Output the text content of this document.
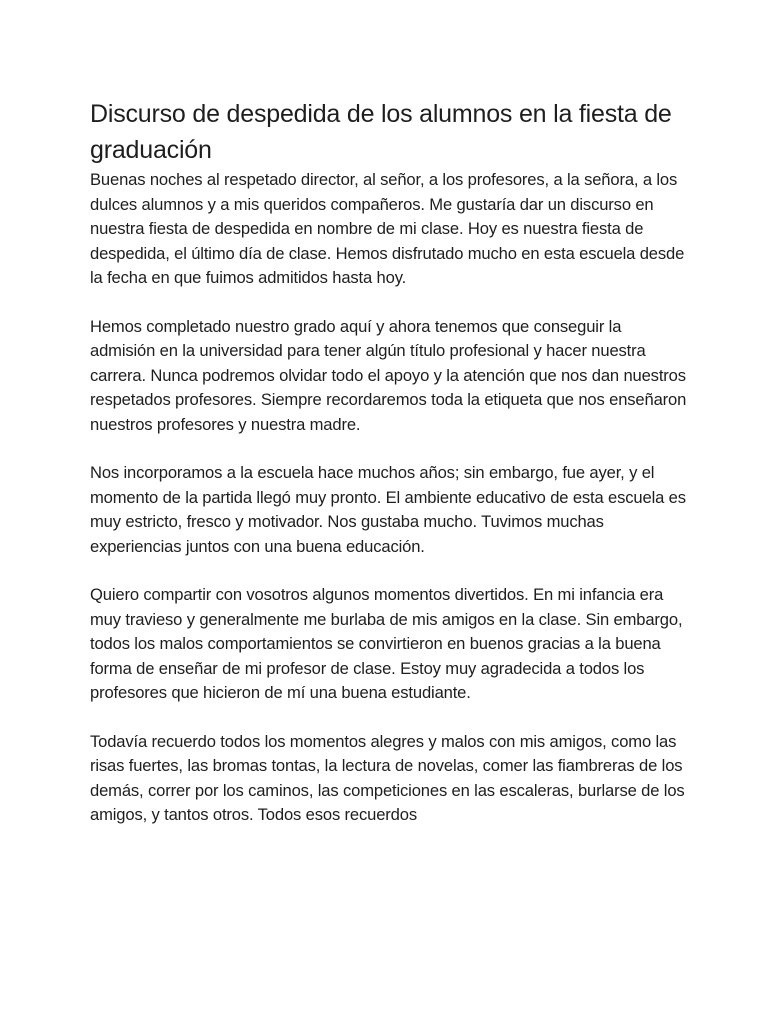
Discurso de despedida de los alumnos en la fiesta de graduación

Buenas noches al respetado director, al señor, a los profesores, a la señora, a los dulces alumnos y a mis queridos compañeros. Me gustaría dar un discurso en nuestra fiesta de despedida en nombre de mi clase. Hoy es nuestra fiesta de despedida, el último día de clase. Hemos disfrutado mucho en esta escuela desde la fecha en que fuimos admitidos hasta hoy.

Hemos completado nuestro grado aquí y ahora tenemos que conseguir la admisión en la universidad para tener algún título profesional y hacer nuestra carrera. Nunca podremos olvidar todo el apoyo y la atención que nos dan nuestros respetados profesores. Siempre recordaremos toda la etiqueta que nos enseñaron nuestros profesores y nuestra madre.

Nos incorporamos a la escuela hace muchos años; sin embargo, fue ayer, y el momento de la partida llegó muy pronto. El ambiente educativo de esta escuela es muy estricto, fresco y motivador. Nos gustaba mucho. Tuvimos muchas experiencias juntos con una buena educación.

Quiero compartir con vosotros algunos momentos divertidos. En mi infancia era muy travieso y generalmente me burlaba de mis amigos en la clase. Sin embargo, todos los malos comportamientos se convirtieron en buenos gracias a la buena forma de enseñar de mi profesor de clase. Estoy muy agradecida a todos los profesores que hicieron de mí una buena estudiante.

Todavía recuerdo todos los momentos alegres y malos con mis amigos, como las risas fuertes, las bromas tontas, la lectura de novelas, comer las fiambreras de los demás, correr por los caminos, las competiciones en las escaleras, burlarse de los amigos, y tantos otros. Todos esos recuerdos
